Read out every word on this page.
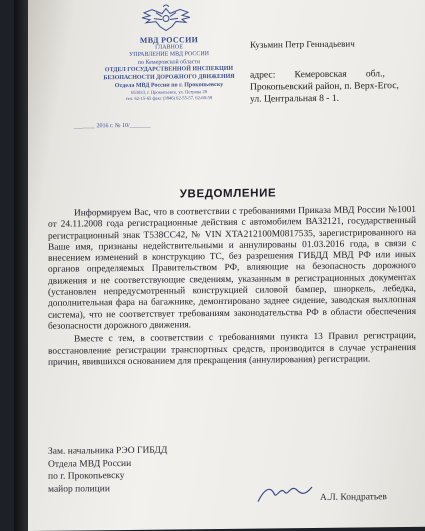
МВД РОССИИ
ГЛАВНОЕ
УПРАВЛЕНИЕ МВД РОССИИ
по Кемеровской области
ОТДЕЛ ГОСУДАРСТВЕННОЙ ИНСПЕКЦИИ
БЕЗОПАСНОСТИ ДОРОЖНОГО ДВИЖЕНИЯ
Отдела МВД России по г. Прокопьевску
653033, г. Прокопьевск, ул. Петрова 28
тел. 62-15-65 факс (3846) 62-55-57, 62-60-58
_______ 2016 г. № 10/_______
Кузьмин Петр Геннадьевич
адрес:        Кемеровская        обл.,
Прокопьевский район, п. Верх-Егос,
ул. Центральная 8 - 1.
УВЕДОМЛЕНИЕ

Информируем Вас, что в соответствии с требованиями Приказа МВД России №1001 от 24.11.2008 года регистрационные действия с автомобилем ВАЗ2121, государственный регистрационный знак Т538СС42, № VIN XTA212100M0817535, зарегистрированного на Ваше имя, признаны недействительными и аннулированы 01.03.2016 года, в связи с внесением изменений в конструкцию ТС, без разрешения ГИБДД МВД РФ или иных органов определяемых Правительством РФ, влияющие на безопасность дорожного движения и не соответствующие сведениям, указанным в регистрационных документах (установлен непредусмотренный конструкцией силовой бампер, шноркель, лебедка, дополнительная фара на багажнике, демонтировано заднее сидение, заводская выхлопная система), что не соответствует требованиям законодательства РФ в области обеспечения безопасности дорожного движения.

Вместе с тем, в соответствии с требованиями пункта 13 Правил регистрации, восстановление регистрации транспортных средств, производится в случае устранения причин, явившихся основанием для прекращения (аннулирования) регистрации.

Зам. начальника РЭО ГИБДД
Отдела МВД России
по г. Прокопьевску
майор полиции
А.Л. Кондратьев
